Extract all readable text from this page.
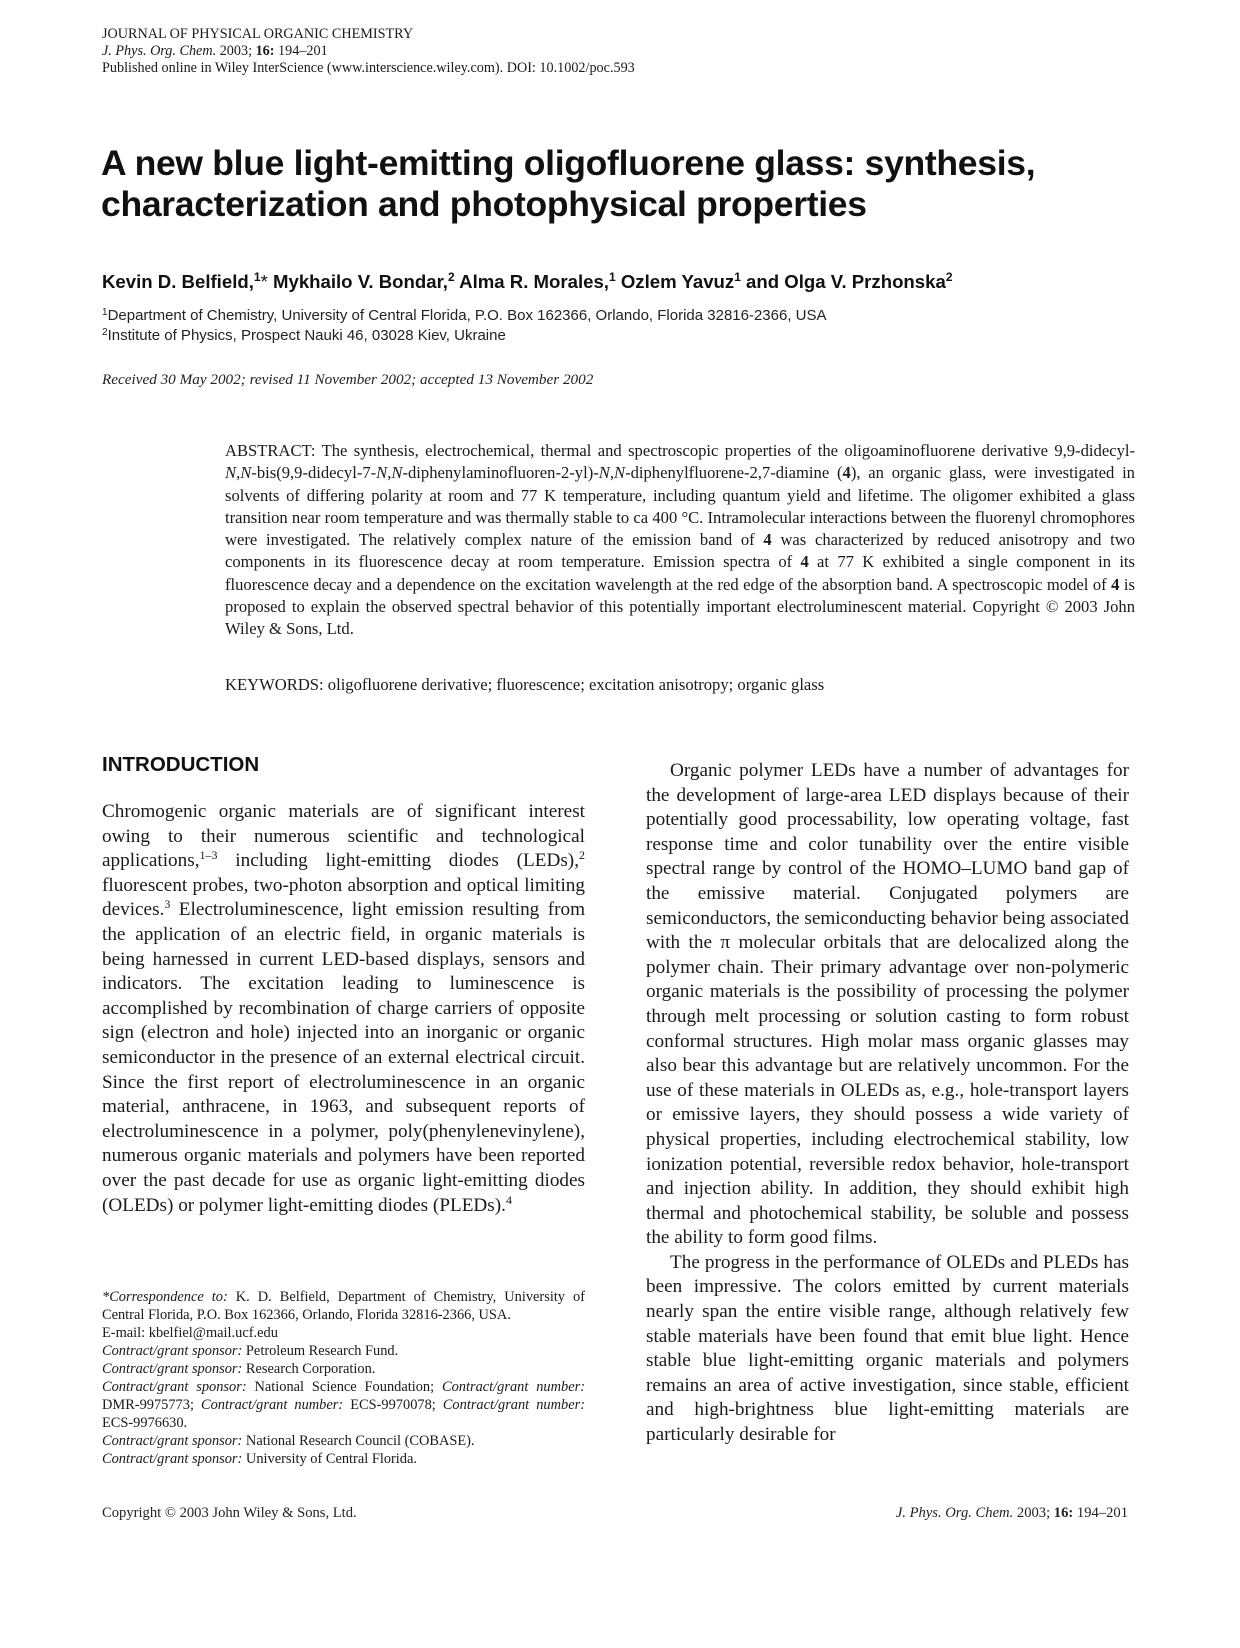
JOURNAL OF PHYSICAL ORGANIC CHEMISTRY
J. Phys. Org. Chem. 2003; 16: 194–201
Published online in Wiley InterScience (www.interscience.wiley.com). DOI: 10.1002/poc.593
A new blue light-emitting oligofluorene glass: synthesis, characterization and photophysical properties
Kevin D. Belfield,$^1$* Mykhailo V. Bondar,$^2$ Alma R. Morales,$^1$ Ozlem Yavuz$^1$ and Olga V. Przhonska$^2$
$^1$Department of Chemistry, University of Central Florida, P.O. Box 162366, Orlando, Florida 32816-2366, USA
$^2$Institute of Physics, Prospect Nauki 46, 03028 Kiev, Ukraine
Received 30 May 2002; revised 11 November 2002; accepted 13 November 2002
ABSTRACT: The synthesis, electrochemical, thermal and spectroscopic properties of the oligoaminofluorene derivative 9,9-didecyl-N,N-bis(9,9-didecyl-7-N,N-diphenylaminofluoren-2-yl)-N,N-diphenylfluorene-2,7-diamine (4), an organic glass, were investigated in solvents of differing polarity at room and 77 K temperature, including quantum yield and lifetime. The oligomer exhibited a glass transition near room temperature and was thermally stable to ca 400 °C. Intramolecular interactions between the fluorenyl chromophores were investigated. The relatively complex nature of the emission band of 4 was characterized by reduced anisotropy and two components in its fluorescence decay at room temperature. Emission spectra of 4 at 77 K exhibited a single component in its fluorescence decay and a dependence on the excitation wavelength at the red edge of the absorption band. A spectroscopic model of 4 is proposed to explain the observed spectral behavior of this potentially important electroluminescent material. Copyright © 2003 John Wiley & Sons, Ltd.
KEYWORDS: oligofluorene derivative; fluorescence; excitation anisotropy; organic glass
INTRODUCTION

Chromogenic organic materials are of significant interest owing to their numerous scientific and technological applications,$^{1-3}$ including light-emitting diodes (LEDs),$^2$ fluorescent probes, two-photon absorption and optical limiting devices.$^3$ Electroluminescence, light emission resulting from the application of an electric field, in organic materials is being harnessed in current LED-based displays, sensors and indicators. The excitation leading to luminescence is accomplished by recombination of charge carriers of opposite sign (electron and hole) injected into an inorganic or organic semiconductor in the presence of an external electrical circuit. Since the first report of electroluminescence in an organic material, anthracene, in 1963, and subsequent reports of electroluminescence in a polymer, poly(phenylenevinylene), numerous organic materials and polymers have been reported over the past decade for use as organic light-emitting diodes (OLEDs) or polymer light-emitting diodes (PLEDs).$^4$

Organic polymer LEDs have a number of advantages for the development of large-area LED displays because of their potentially good processability, low operating voltage, fast response time and color tunability over the entire visible spectral range by control of the HOMO–LUMO band gap of the emissive material. Conjugated polymers are semiconductors, the semiconducting behavior being associated with the π molecular orbitals that are delocalized along the polymer chain. Their primary advantage over non-polymeric organic materials is the possibility of processing the polymer through melt processing or solution casting to form robust conformal structures. High molar mass organic glasses may also bear this advantage but are relatively uncommon. For the use of these materials in OLEDs as, e.g., hole-transport layers or emissive layers, they should possess a wide variety of physical properties, including electrochemical stability, low ionization potential, reversible redox behavior, hole-transport and injection ability. In addition, they should exhibit high thermal and photochemical stability, be soluble and possess the ability to form good films.

The progress in the performance of OLEDs and PLEDs has been impressive. The colors emitted by current materials nearly span the entire visible range, although relatively few stable materials have been found that emit blue light. Hence stable blue light-emitting organic materials and polymers remains an area of active investigation, since stable, efficient and high-brightness blue light-emitting materials are particularly desirable for

*Correspondence to: K. D. Belfield, Department of Chemistry, University of Central Florida, P.O. Box 162366, Orlando, Florida 32816-2366, USA.
E-mail: kbelfiel@mail.ucf.edu
Contract/grant sponsor: Petroleum Research Fund.
Contract/grant sponsor: Research Corporation.
Contract/grant sponsor: National Science Foundation; Contract/grant number: DMR-9975773; Contract/grant number: ECS-9970078; Contract/grant number: ECS-9976630.
Contract/grant sponsor: National Research Council (COBASE).
Contract/grant sponsor: University of Central Florida.
Copyright © 2003 John Wiley & Sons, Ltd.	J. Phys. Org. Chem. 2003; 16: 194–201
